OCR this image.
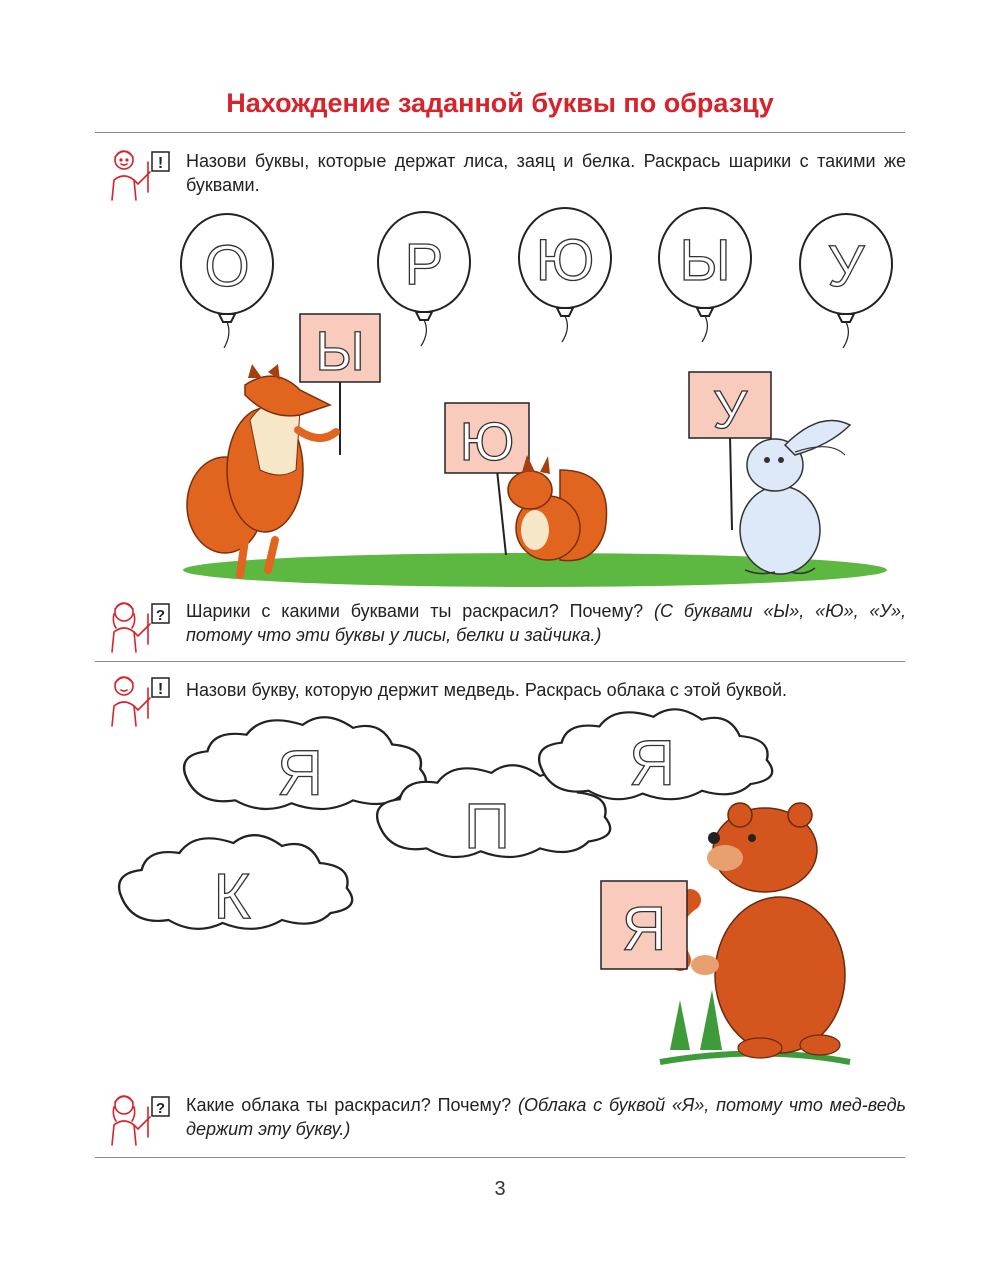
Нахождение заданной буквы по образцу
! Назови буквы, которые держат лиса, заяц и белка. Раскрась шарики с такими же буквами.
О	Р Ю Ы У
Ы
Ю
У
? Шарики с какими буквами ты раскрасил? Почему? (С буквами «Ы», «Ю», «У», потому что эти буквы у лисы, белки и зайчика.)
! Назови букву, которую держит медведь. Раскрась облака с этой буквой.
Я
П
Я
К	Я
? Какие облака ты раскрасил? Почему? (Облака с буквой «Я», потому что мед-ведь держит эту букву.)
3
